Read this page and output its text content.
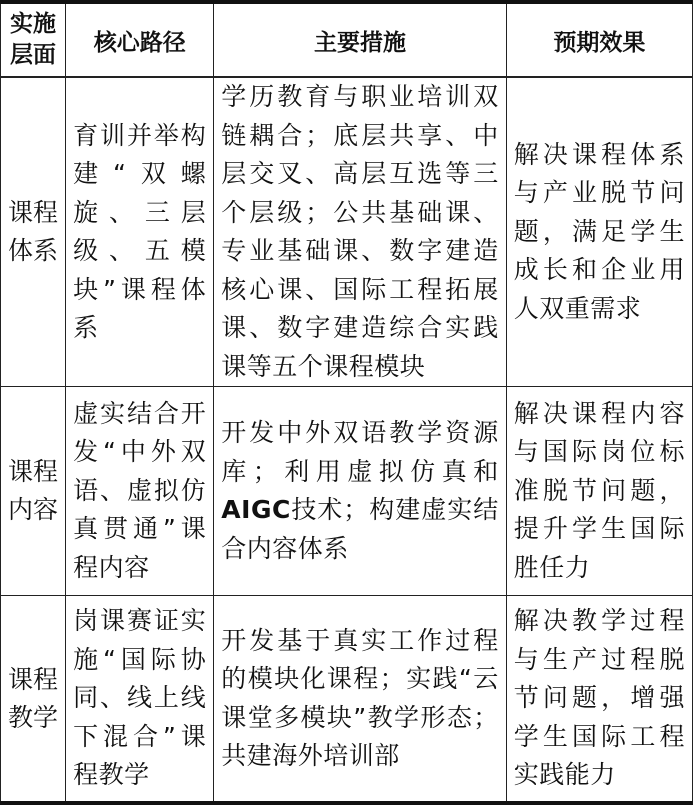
实施层面	核心路径	主要措施	预期效果
课程体系	育训并举构建“双螺旋、三层级、五模块”课程体系	学历教育与职业培训双链耦合；底层共享、中层交叉、高层互选等三个层级；公共基础课、专业基础课、数字建造核心课、国际工程拓展课、数字建造综合实践课等五个课程模块	解决课程体系与产业脱节问题，满足学生成长和企业用人双重需求
课程内容	虚实结合开发“中外双语、虚拟仿真贯通”课程内容	开发中外双语教学资源库；利用虚拟仿真和AIGC技术；构建虚实结合内容体系	解决课程内容与国际岗位标准脱节问题，提升学生国际胜任力
课程教学	岗课赛证实施“国际协同、线上线下混合”课程教学	开发基于真实工作过程的模块化课程；实践“云课堂多模块”教学形态；共建海外培训部	解决教学过程与生产过程脱节问题，增强学生国际工程实践能力
